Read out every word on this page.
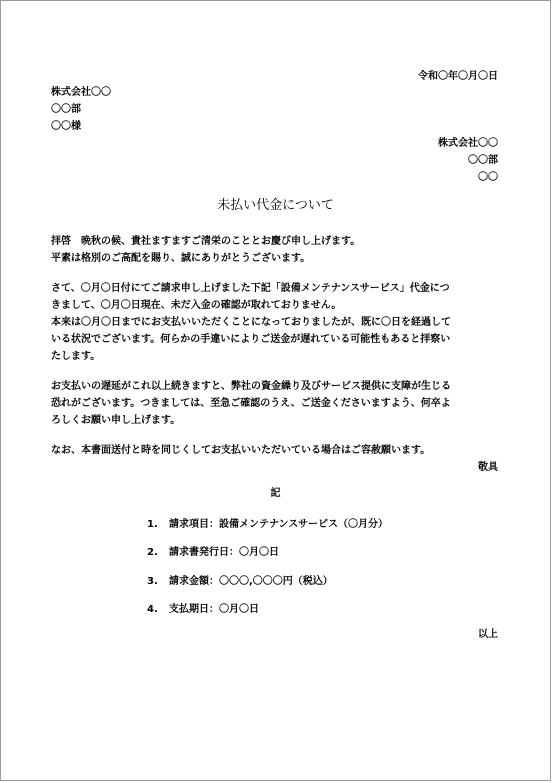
令和〇年〇月〇日
株式会社〇〇
〇〇部
〇〇様
株式会社〇〇
〇〇部
〇〇
未払い代金について
拝啓　晩秋の候、貴社ますますご清栄のこととお慶び申し上げます。
平素は格別のご高配を賜り、誠にありがとうございます。
さて、〇月〇日付にてご請求申し上げました下記「設備メンテナンスサービス」代金につ
きまして、〇月〇日現在、未だ入金の確認が取れておりません。
本来は〇月〇日までにお支払いいただくことになっておりましたが、既に〇日を経過して
いる状況でございます。何らかの手違いによりご送金が遅れている可能性もあると拝察い
たします。
お支払いの遅延がこれ以上続きますと、弊社の資金繰り及びサービス提供に支障が生じる
恐れがございます。つきましては、至急ご確認のうえ、ご送金くださいますよう、何卒よ
ろしくお願い申し上げます。
なお、本書面送付と時を同じくしてお支払いいただいている場合はご容赦願います。
敬具
記
1. 請求項目：設備メンテナンスサービス（〇月分）
2. 請求書発行日：〇月〇日
3. 請求金額：〇〇〇,〇〇〇円（税込）
4. 支払期日：〇月〇日
以上
